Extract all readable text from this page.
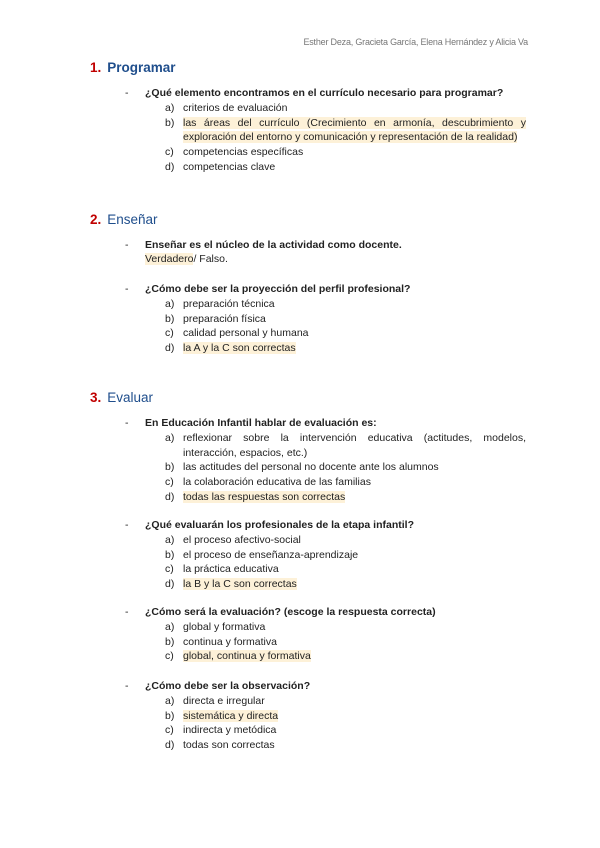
Esther Deza, Gracieta García, Elena Hernández y Alicia Va
1. Programar
- ¿Qué elemento encontramos en el currículo necesario para programar?
a) criterios de evaluación
b) las áreas del currículo (Crecimiento en armonía, descubrimiento y exploración del entorno y comunicación y representación de la realidad)
c) competencias específicas
d) competencias clave
2. Enseñar
- Enseñar es el núcleo de la actividad como docente.
Verdadero/ Falso.
- ¿Cómo debe ser la proyección del perfil profesional?
a) preparación técnica
b) preparación física
c) calidad personal y humana
d) la A y la C son correctas
3. Evaluar
- En Educación Infantil hablar de evaluación es:
a) reflexionar sobre la intervención educativa (actitudes, modelos, interacción, espacios, etc.)
b) las actitudes del personal no docente ante los alumnos
c) la colaboración educativa de las familias
d) todas las respuestas son correctas
- ¿Qué evaluarán los profesionales de la etapa infantil?
a) el proceso afectivo-social
b) el proceso de enseñanza-aprendizaje
c) la práctica educativa
d) la B y la C son correctas
- ¿Cómo será la evaluación? (escoge la respuesta correcta)
a) global y formativa
b) continua y formativa
c) global, continua y formativa
- ¿Cómo debe ser la observación?
a) directa e irregular
b) sistemática y directa
c) indirecta y metódica
d) todas son correctas
